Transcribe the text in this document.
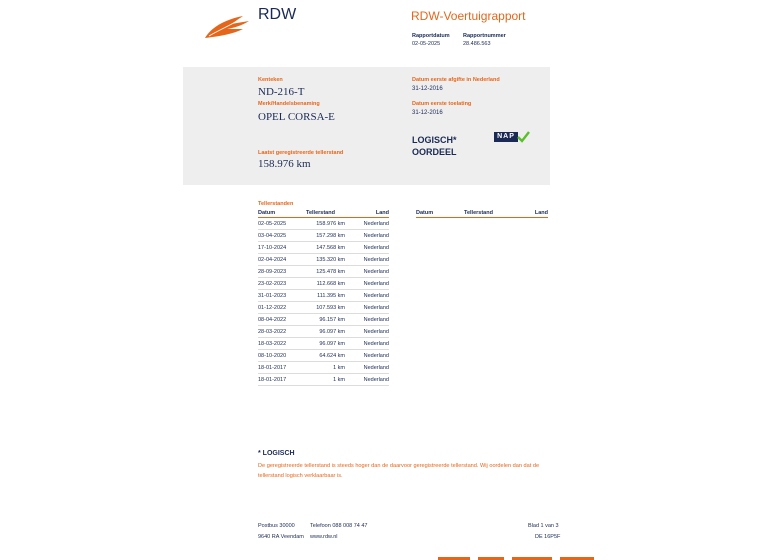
RDW	RDW-Voertuigrapport
Rapportdatum
02-05-2025
Rapportnummer
28.486.563
Kenteken
ND-216-T
Merk/Handelsbenaming
OPEL CORSA-E
Laatst geregistreerde tellerstand
158.976 km
Datum eerste afgifte in Nederland
31-12-2016
Datum eerste toelating
31-12-2016
LOGISCH*
OORDEEL
NAP
Tellerstanden
Datum	Tellerstand	Land
02-05-2025	158.976 km	Nederland
03-04-2025	157.298 km	Nederland
17-10-2024	147.568 km	Nederland
02-04-2024	135.320 km	Nederland
28-09-2023	125.478 km	Nederland
23-02-2023	112.668 km	Nederland
31-01-2023	111.395 km	Nederland
01-12-2022	107.593 km	Nederland
08-04-2022	96.157 km	Nederland
28-03-2022	96.097 km	Nederland
18-03-2022	96.097 km	Nederland
08-10-2020	64.624 km	Nederland
18-01-2017	1 km	Nederland
18-01-2017	1 km	Nederland
Datum	Tellerstand	Land
* LOGISCH
De geregistreerde tellerstand is steeds hoger dan de daarvoor geregistreerde tellerstand. Wij oordelen dan dat de tellerstand logisch verklaarbaar is.
Postbus 30000
9640 RA Veendam
Telefoon 088 008 74 47
www.rdw.nl
Blad 1 van 3
DE 16P5F
